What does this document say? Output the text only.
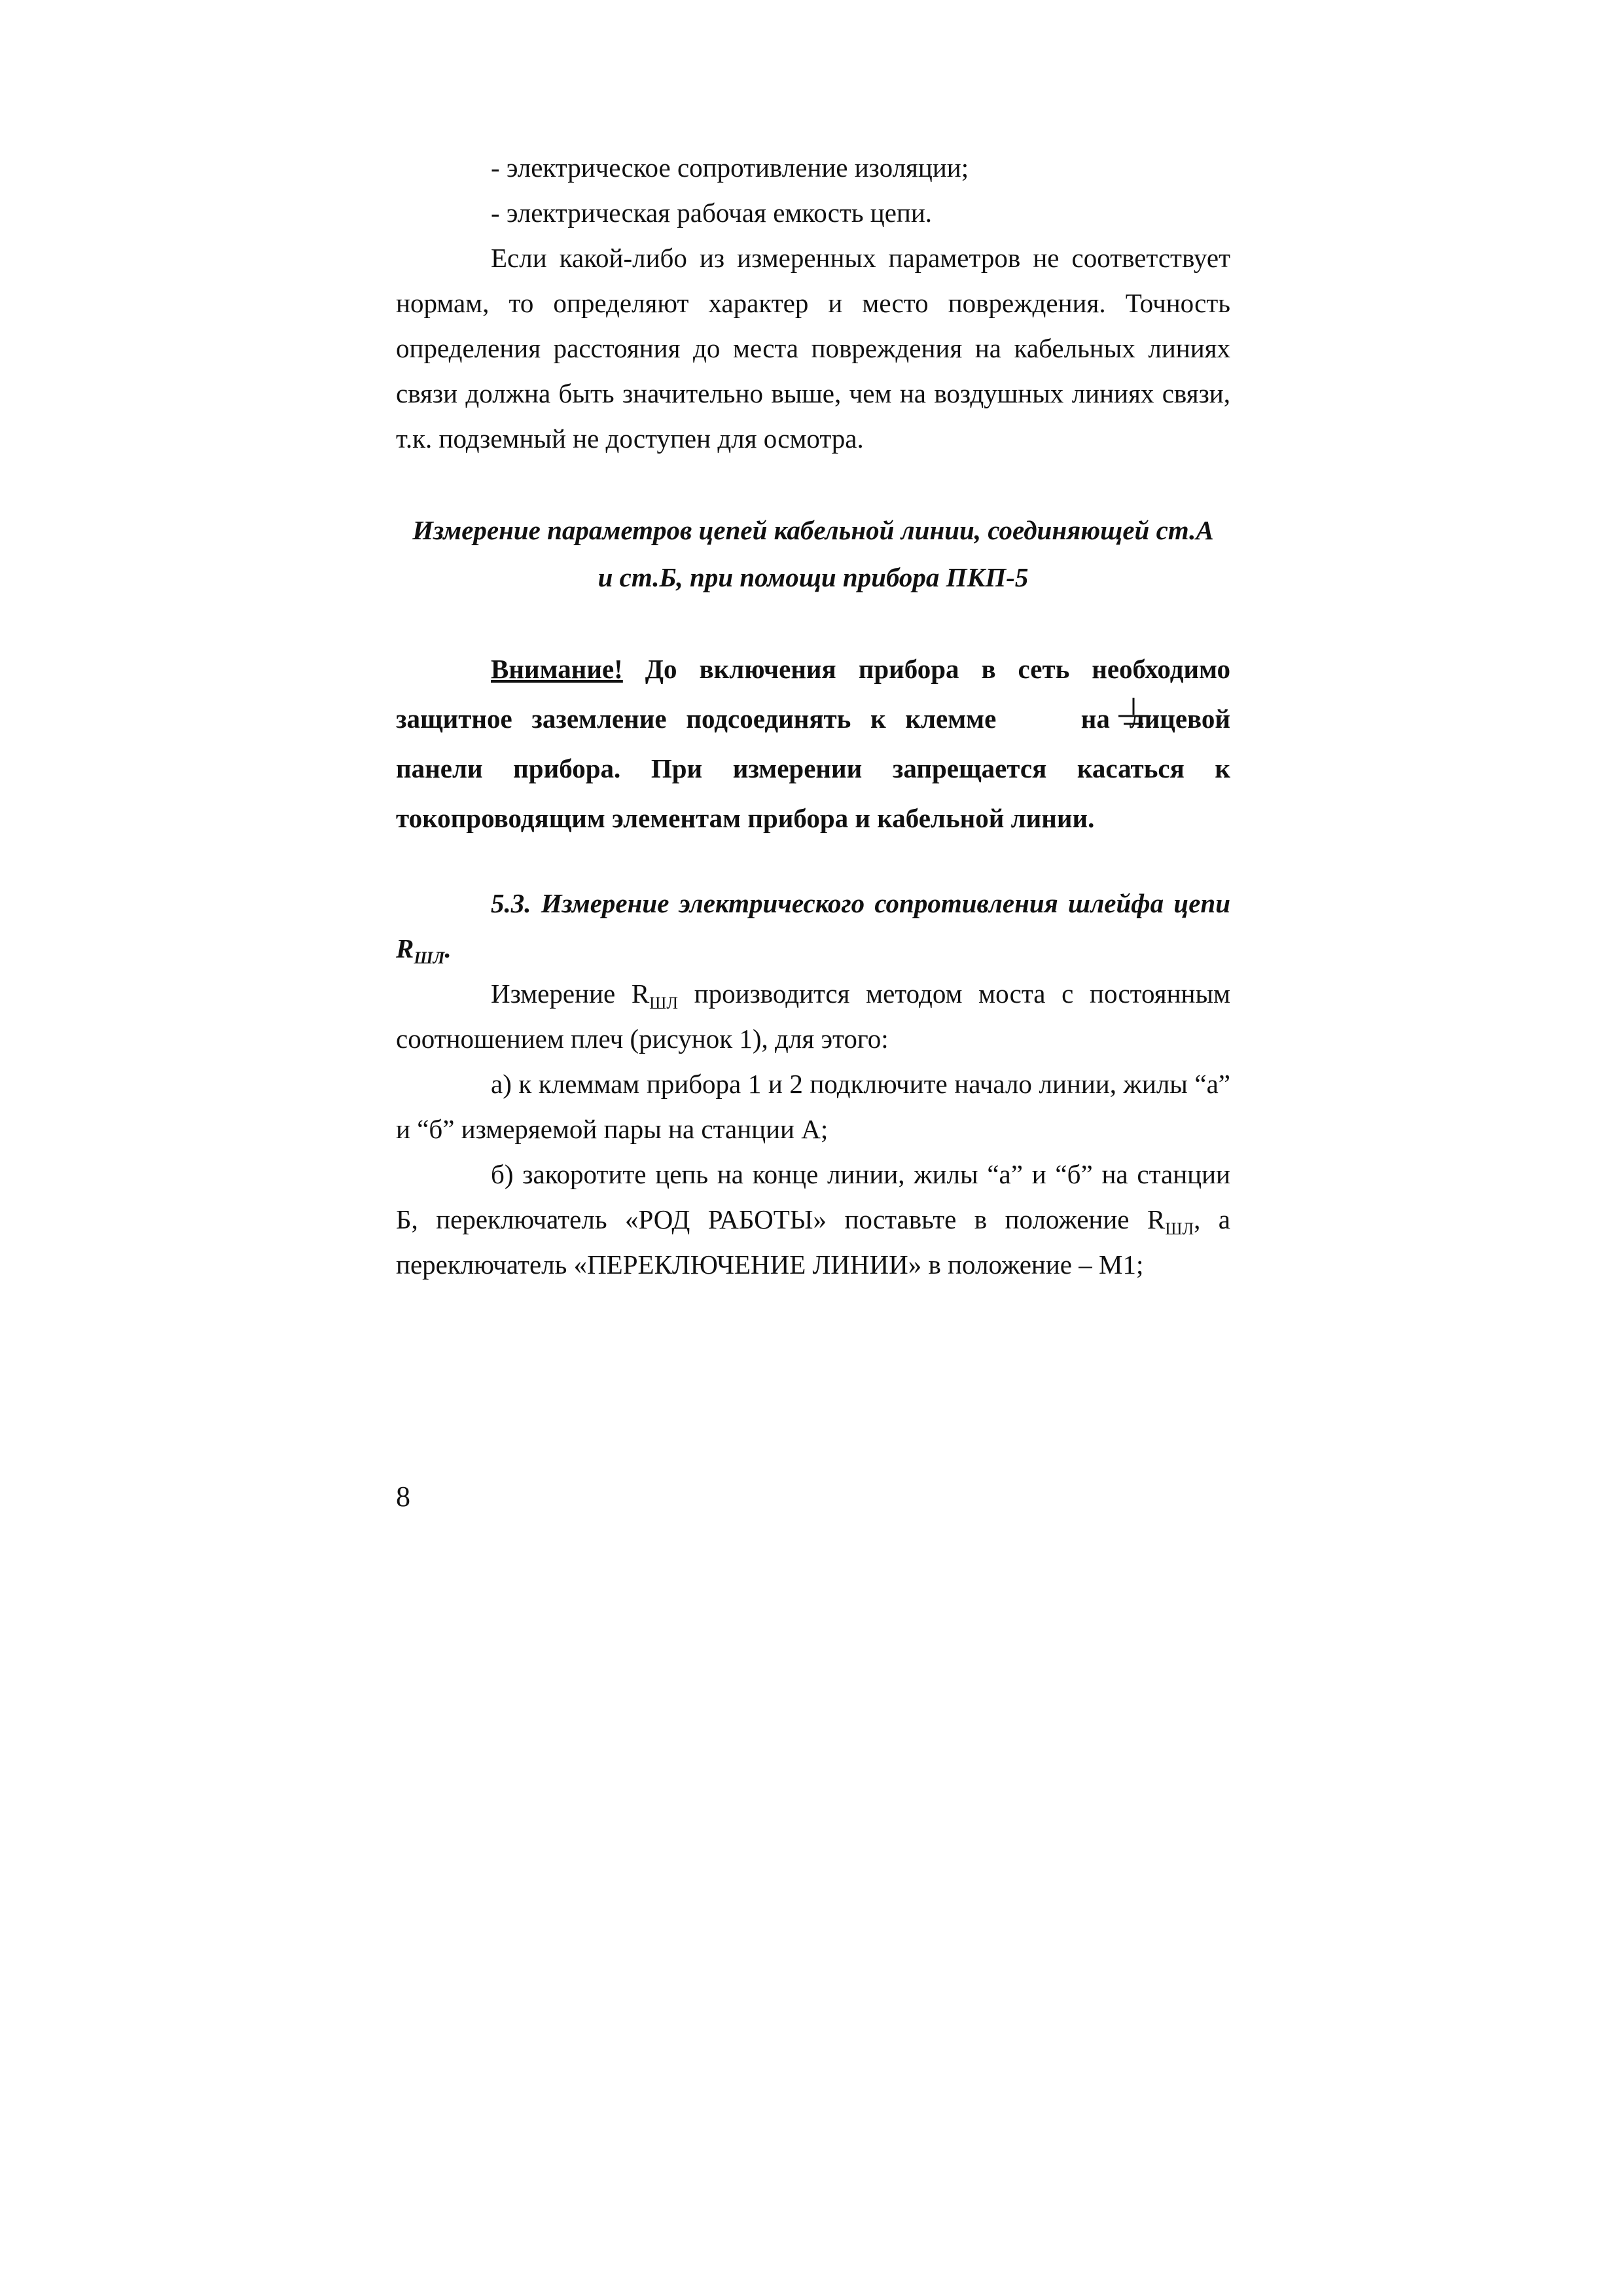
- электрическое сопротивление изоляции;

- электрическая рабочая емкость цепи.

Если какой-либо из измеренных параметров не соответствует нормам, то определяют характер и место повреждения. Точность определения расстояния до места повреждения на кабельных линиях связи должна быть значительно выше, чем на воздушных линиях связи, т.к. подземный не доступен для осмотра.

Измерение параметров цепей кабельной линии, соединяющей ст.А
и ст.Б, при помощи прибора ПКП-5

Внимание! До включения прибора в сеть необходимо защитное заземление подсоединять к клемме  на лицевой панели прибора. При измерении запрещается касаться к токопроводящим элементам прибора и кабельной линии.

5.3. Измерение электрического сопротивления шлейфа цепи $R_{ШЛ}$.

Измерение $R_{ШЛ}$ производится методом моста с постоянным соотношением плеч (рисунок 1), для этого:

а) к клеммам прибора 1 и 2 подключите начало линии, жилы “а” и “б” измеряемой пары на станции А;

б) закоротите цепь на конце линии, жилы “а” и “б” на станции Б, переключатель «РОД РАБОТЫ» поставьте в положение $R_{ШЛ}$, а переключатель «ПЕРЕКЛЮЧЕНИЕ ЛИНИИ» в положение – М1;

8
